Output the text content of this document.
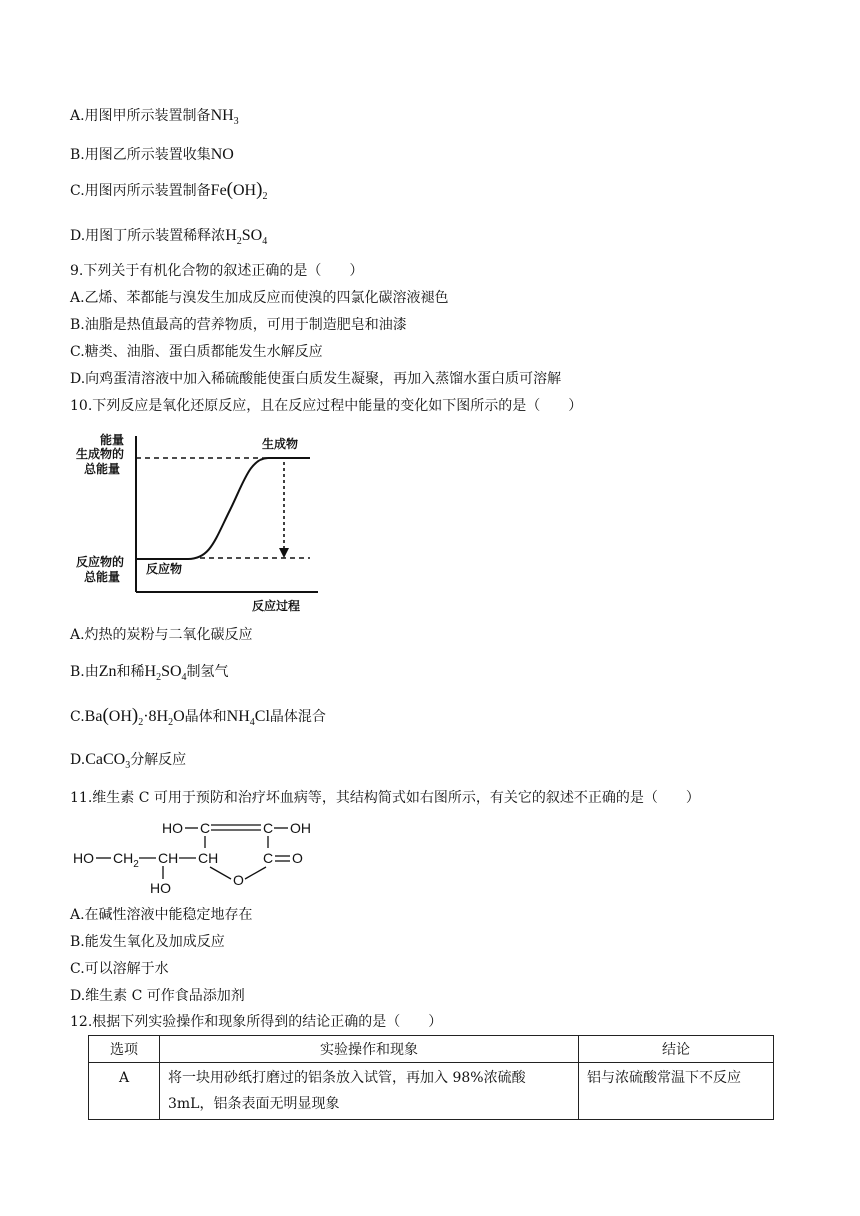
A.用图甲所示装置制备$NH_3$
B.用图乙所示装置收集NO
C.用图丙所示装置制备$Fe(OH)_2$
D.用图丁所示装置稀释浓$H_2SO_4$
9.下列关于有机化合物的叙述正确的是（　　）
A.乙烯、苯都能与溴发生加成反应而使溴的四氯化碳溶液褪色
B.油脂是热值最高的营养物质，可用于制造肥皂和油漆
C.糖类、油脂、蛋白质都能发生水解反应
D.向鸡蛋清溶液中加入稀硫酸能使蛋白质发生凝聚，再加入蒸馏水蛋白质可溶解
10.下列反应是氧化还原反应，且在反应过程中能量的变化如下图所示的是（　　）
能量
生成物的
总能量
反应物的
总能量
生成物
反应物
反应过程
A.灼热的炭粉与二氧化碳反应
B.由Zn和稀$H_2SO_4$制氢气
$C.Ba(OH)_2\cdot 8H_2O$晶体和$NH_4Cl$晶体混合
D.CaCO$_3$分解反应
11.维生素 C 可用于预防和治疗坏血病等，其结构简式如右图所示，有关它的叙述不正确的是（　　）
HO C	C OH
HO $CH_2$ CH CH	C O
O
HO
A.在碱性溶液中能稳定地存在
B.能发生氧化及加成反应
C.可以溶解于水
D.维生素 C 可作食品添加剂
12.根据下列实验操作和现象所得到的结论正确的是（　　）
选项	实验操作和现象	结论
A	将一块用砂纸打磨过的铝条放入试管，再加入 98%浓硫酸
3mL，铝条表面无明显现象	铝与浓硫酸常温下不反应
